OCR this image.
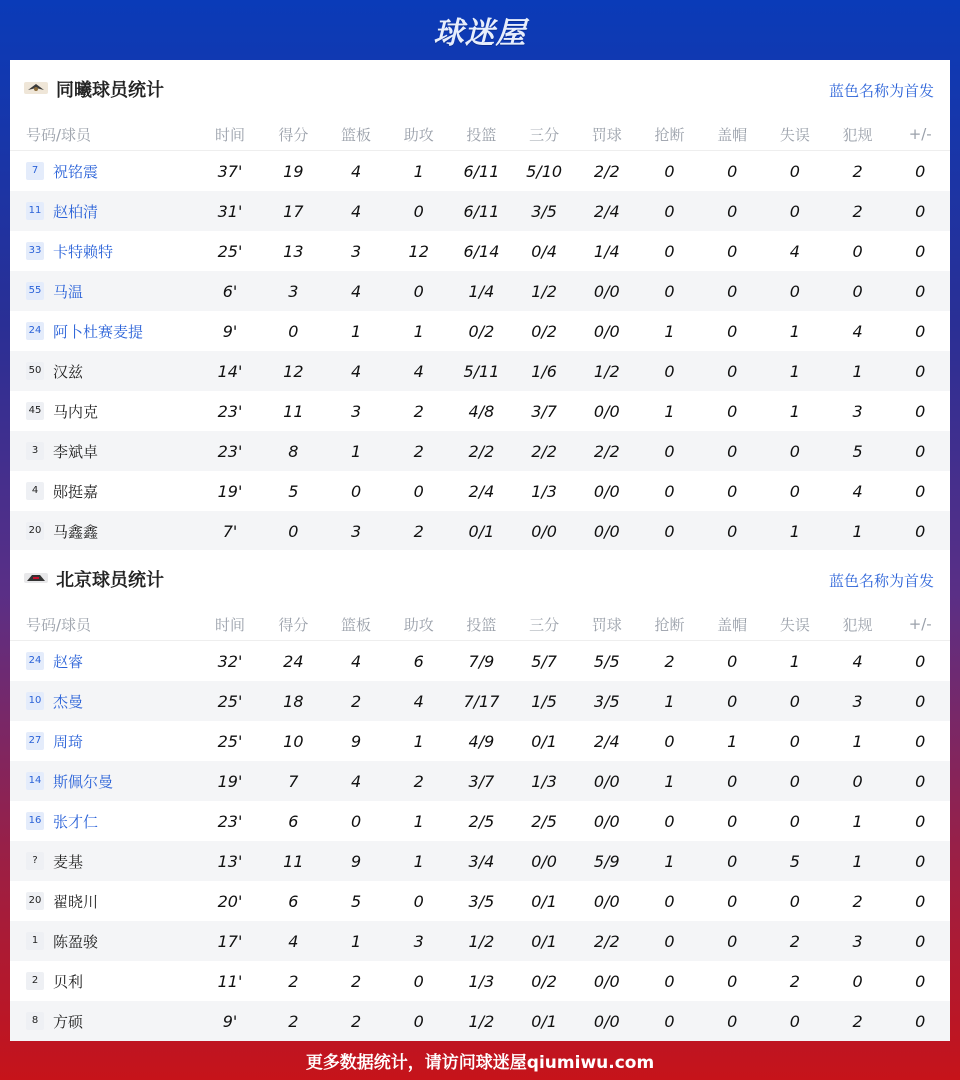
球迷屋
同曦球员统计	蓝色名称为首发
号码/球员	时间	得分	篮板	助攻	投篮	三分	罚球	抢断	盖帽	失误	犯规	+/-
7 祝铭震	37'	19	4	1	6/11	5/10	2/2	0	0	0	2	0
11 赵柏清	31'	17	4	0	6/11	3/5	2/4	0	0	0	2	0
33 卡特赖特	25'	13	3	12	6/14	0/4	1/4	0	0	4	0	0
55 马温	6'	3	4	0	1/4	1/2	0/0	0	0	0	0	0
24 阿卜杜赛麦提	9'	0	1	1	0/2	0/2	0/0	1	0	1	4	0
50 汉兹	14'	12	4	4	5/11	1/6	1/2	0	0	1	1	0
45 马内克	23'	11	3	2	4/8	3/7	0/0	1	0	1	3	0
3 李斌卓	23'	8	1	2	2/2	2/2	2/2	0	0	0	5	0
4 郧挺嘉	19'	5	0	0	2/4	1/3	0/0	0	0	0	4	0
20 马鑫鑫	7'	0	3	2	0/1	0/0	0/0	0	0	1	1	0
北京球员统计	蓝色名称为首发
号码/球员	时间	得分	篮板	助攻	投篮	三分	罚球	抢断	盖帽	失误	犯规	+/-
24 赵睿	32'	24	4	6	7/9	5/7	5/5	2	0	1	4	0
10 杰曼	25'	18	2	4	7/17	1/5	3/5	1	0	0	3	0
27 周琦	25'	10	9	1	4/9	0/1	2/4	0	1	0	1	0
14 斯佩尔曼	19'	7	4	2	3/7	1/3	0/0	1	0	0	0	0
16 张才仁	23'	6	0	1	2/5	2/5	0/0	0	0	0	1	0
?	麦基	13'	11	9	1	3/4	0/0	5/9	1	0	5	1	0
20 翟晓川	20'	6	5	0	3/5	0/1	0/0	0	0	0	2	0
1 陈盈骏	17'	4	1	3	1/2	0/1	2/2	0	0	2	3	0
2 贝利	11'	2	2	0	1/3	0/2	0/0	0	0	2	0	0
8 方硕	9'	2	2	0	1/2	0/1	0/0	0	0	0	2	0
更多数据统计，请访问球迷屋qiumiwu.com
